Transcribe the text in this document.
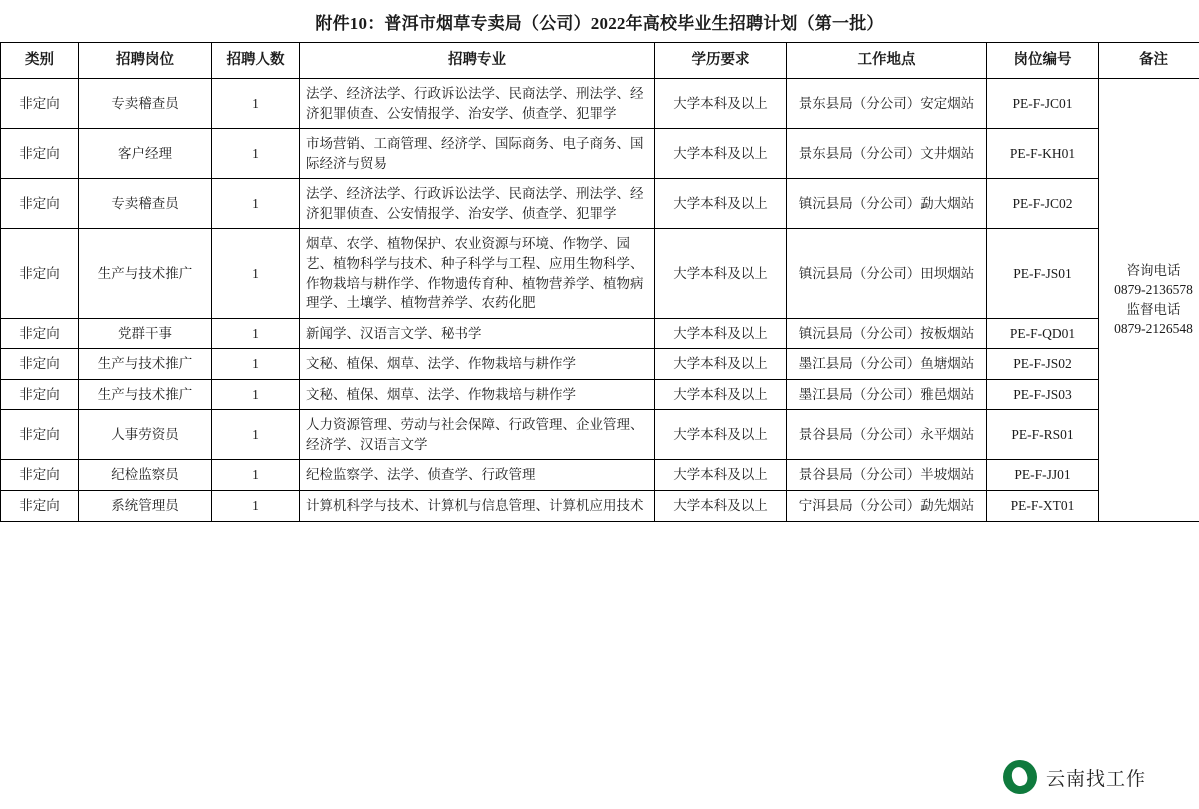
附件10：普洱市烟草专卖局（公司）2022年高校毕业生招聘计划（第一批）
类别	招聘岗位	招聘人数	招聘专业	学历要求	工作地点	岗位编号	备注
非定向	专卖稽查员	1	法学、经济法学、行政诉讼法学、民商法学、刑法学、经济犯罪侦查、公安情报学、治安学、侦查学、犯罪学	大学本科及以上	景东县局（分公司）安定烟站	PE-F-JC01	咨询电话
0879-2136578
监督电话
0879-2126548

非定向	客户经理	1	市场营销、工商管理、经济学、国际商务、电子商务、国际经济与贸易	大学本科及以上	景东县局（分公司）文井烟站	PE-F-KH01	
非定向	专卖稽查员	1	法学、经济法学、行政诉讼法学、民商法学、刑法学、经济犯罪侦查、公安情报学、治安学、侦查学、犯罪学	大学本科及以上	镇沅县局（分公司）勐大烟站	PE-F-JC02	
非定向	生产与技术推广	1	烟草、农学、植物保护、农业资源与环境、作物学、园艺、植物科学与技术、种子科学与工程、应用生物科学、作物栽培与耕作学、作物遗传育种、植物营养学、植物病理学、土壤学、植物营养学、农药化肥	大学本科及以上	镇沅县局（分公司）田坝烟站	PE-F-JS01	
非定向	党群干事	1	新闻学、汉语言文学、秘书学	大学本科及以上	镇沅县局（分公司）按板烟站	PE-F-QD01	
非定向	生产与技术推广	1	文秘、植保、烟草、法学、作物栽培与耕作学	大学本科及以上	墨江县局（分公司）鱼塘烟站	PE-F-JS02	
非定向	生产与技术推广	1	文秘、植保、烟草、法学、作物栽培与耕作学	大学本科及以上	墨江县局（分公司）雅邑烟站	PE-F-JS03	
非定向	人事劳资员	1	人力资源管理、劳动与社会保障、行政管理、企业管理、经济学、汉语言文学	大学本科及以上	景谷县局（分公司）永平烟站	PE-F-RS01	
非定向	纪检监察员	1	纪检监察学、法学、侦查学、行政管理	大学本科及以上	景谷县局（分公司）半坡烟站	PE-F-JJ01	
非定向	系统管理员	1	计算机科学与技术、计算机与信息管理、计算机应用技术	大学本科及以上	宁洱县局（分公司）勐先烟站	PE-F-XT01	
云南找工作
